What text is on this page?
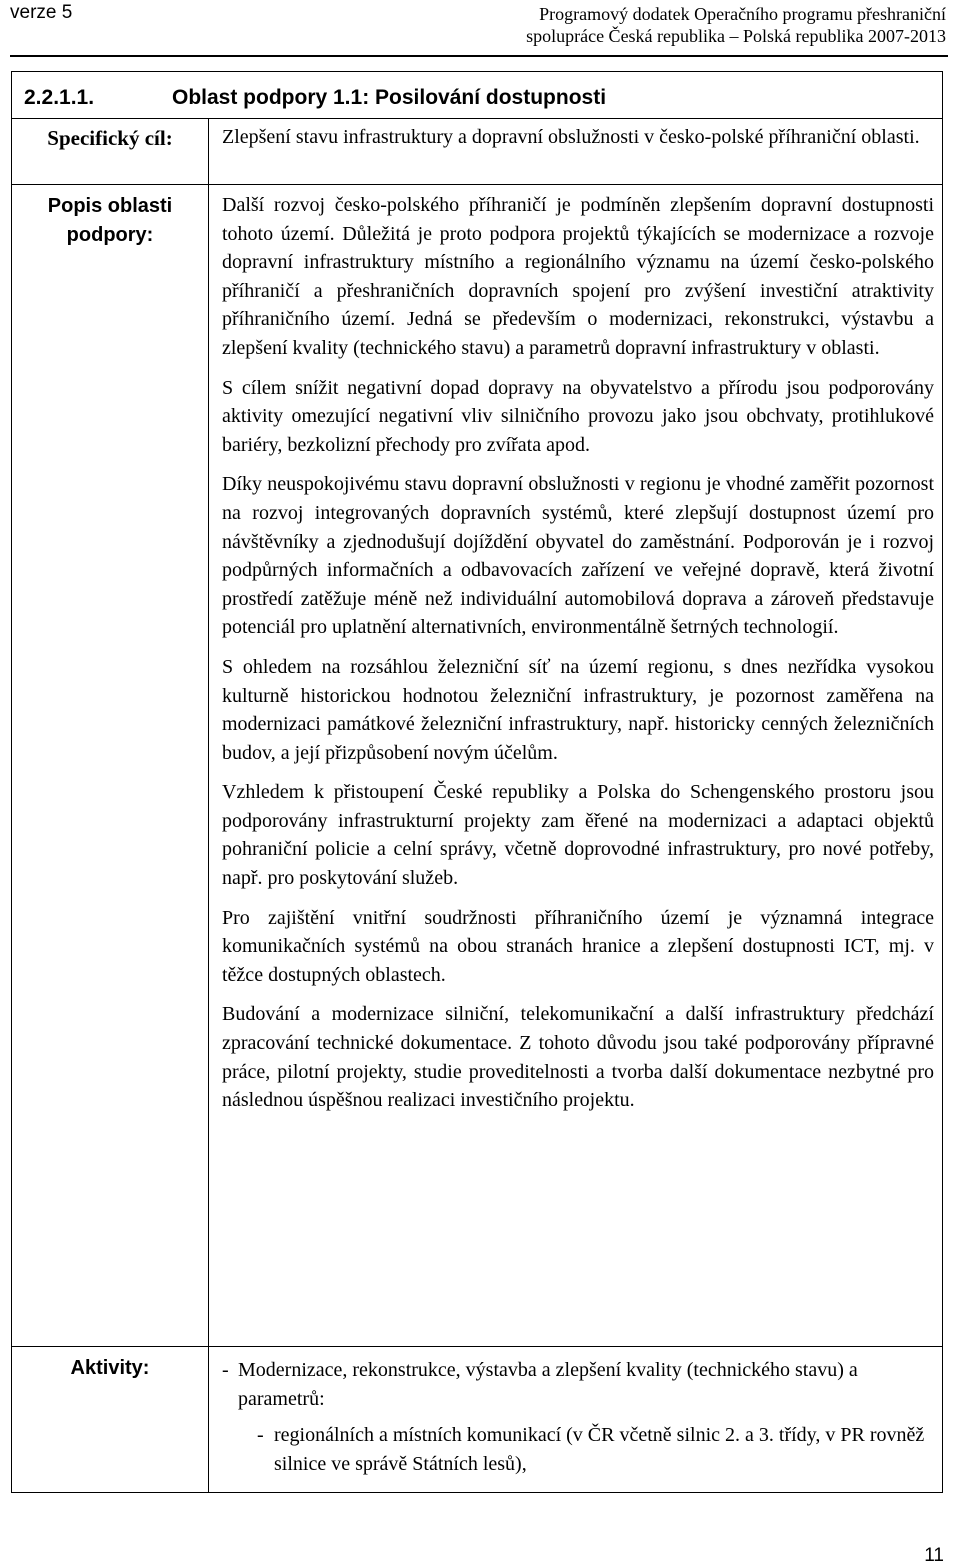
verze 5	Programový dodatek Operačního programu přeshraniční
spolupráce Česká republika – Polská republika 2007-2013
2.2.1.1.	Oblast podpory 1.1: Posilování dostupnosti
Specifický cíl:	Zlepšení stavu infrastruktury a dopravní obslužnosti v česko-polské příhraniční oblasti.
Popis oblasti podpory:

Další rozvoj česko-polského příhraničí je podmíněn zlepšením dopravní dostupnosti tohoto území. Důležitá je proto podpora projektů týkajících se modernizace a rozvoje dopravní infrastruktury místního a regionálního významu na území česko-polského příhraničí a přeshraničních dopravních spojení pro zvýšení investiční atraktivity příhraničního území. Jedná se především o modernizaci, rekonstrukci, výstavbu a zlepšení kvality (technického stavu) a parametrů dopravní infrastruktury v oblasti.

S cílem snížit negativní dopad dopravy na obyvatelstvo a přírodu jsou podporovány aktivity omezující negativní vliv silničního provozu jako jsou obchvaty, protihlukové bariéry, bezkolizní přechody pro zvířata apod.

Díky neuspokojivému stavu dopravní obslužnosti v regionu je vhodné zaměřit pozornost na rozvoj integrovaných dopravních systémů, které zlepšují dostupnost území pro návštěvníky a zjednodušují dojíždění obyvatel do zaměstnání. Podporován je i rozvoj podpůrných informačních a odbavovacích zařízení ve veřejné dopravě, která životní prostředí zatěžuje méně než individuální automobilová doprava a zároveň představuje potenciál pro uplatnění alternativních, environmentálně šetrných technologií.

S ohledem na rozsáhlou železniční síť na území regionu, s dnes nezřídka vysokou kulturně historickou hodnotou železniční infrastruktury, je pozornost zaměřena na modernizaci památkové železniční infrastruktury, např. historicky cenných železničních budov, a její přizpůsobení novým účelům.

Vzhledem k přistoupení České republiky a Polska do Schengenského prostoru jsou podporovány infrastrukturní projekty zam ěřené na modernizaci a adaptaci objektů pohraniční policie a celní správy, včetně doprovodné infrastruktury, pro nové potřeby, např. pro poskytování služeb.

Pro zajištění vnitřní soudržnosti příhraničního území je významná integrace komunikačních systémů na obou stranách hranice a zlepšení dostupnosti ICT, mj. v těžce dostupných oblastech.

Budování a modernizace silniční, telekomunikační a další infrastruktury předchází zpracování technické dokumentace. Z tohoto důvodu jsou také podporovány přípravné práce, pilotní projekty, studie proveditelnosti a tvorba další dokumentace nezbytné pro následnou úspěšnou realizaci investičního projektu.

Aktivity:	- Modernizace, rekonstrukce, výstavba a zlepšení kvality (technického stavu) a parametrů:
- regionálních a místních komunikací (v ČR včetně silnic 2. a 3. třídy, v PR rovněž silnice ve správě Státních lesů),
11
